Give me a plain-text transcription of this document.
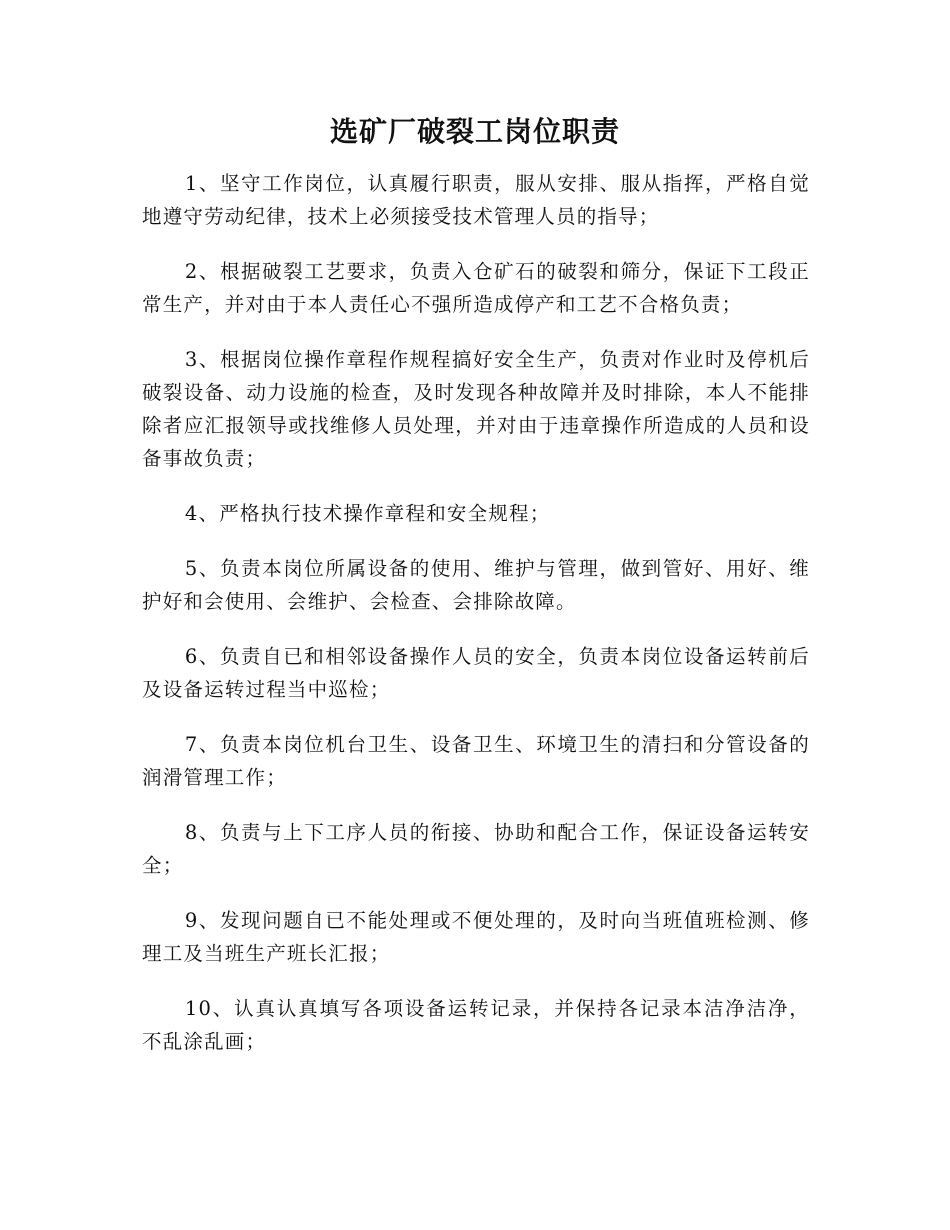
选矿厂破裂工岗位职责

1、坚守工作岗位，认真履行职责，服从安排、服从指挥，严格自觉地遵守劳动纪律，技术上必须接受技术管理人员的指导；

2、根据破裂工艺要求，负责入仓矿石的破裂和筛分，保证下工段正常生产，并对由于本人责任心不强所造成停产和工艺不合格负责；

3、根据岗位操作章程作规程搞好安全生产，负责对作业时及停机后破裂设备、动力设施的检查，及时发现各种故障并及时排除，本人不能排除者应汇报领导或找维修人员处理，并对由于违章操作所造成的人员和设备事故负责；

4、严格执行技术操作章程和安全规程；

5、负责本岗位所属设备的使用、维护与管理，做到管好、用好、维护好和会使用、会维护、会检查、会排除故障。

6、负责自已和相邻设备操作人员的安全，负责本岗位设备运转前后及设备运转过程当中巡检；

7、负责本岗位机台卫生、设备卫生、环境卫生的清扫和分管设备的润滑管理工作；

8、负责与上下工序人员的衔接、协助和配合工作，保证设备运转安全；

9、发现问题自已不能处理或不便处理的，及时向当班值班检测、修理工及当班生产班长汇报；

10、认真认真填写各项设备运转记录，并保持各记录本洁净洁净，不乱涂乱画；
